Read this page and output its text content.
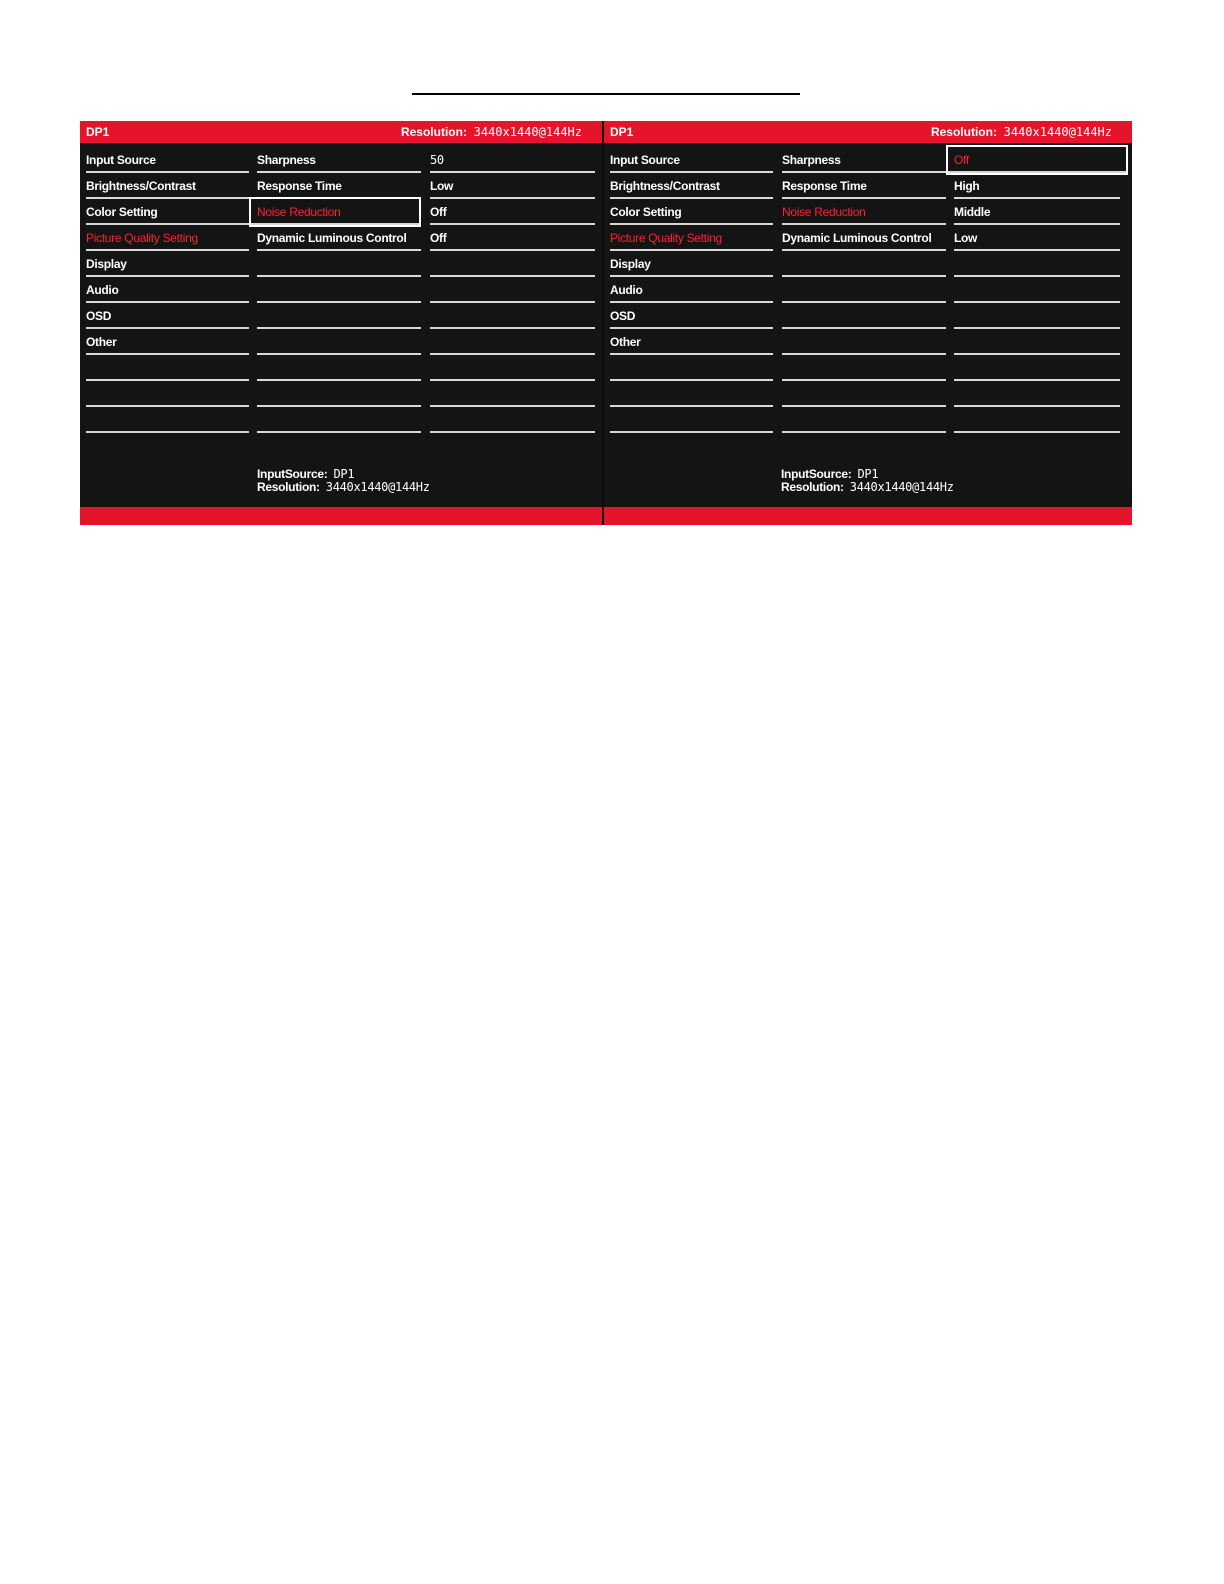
DP1	Resolution: 3440x1440@144Hz
Input Source
Brightness/Contrast
Color Setting
Picture Quality Setting
Display
Audio
OSD
Other
Sharpness
Response Time
Noise Reduction
Dynamic Luminous Control
50
Low
Off
Off
InputSource: DP1
Resolution: 3440x1440@144Hz
DP1	Resolution: 3440x1440@144Hz
Input Source
Brightness/Contrast
Color Setting
Picture Quality Setting
Display
Audio
OSD
Other
Sharpness
Response Time
Noise Reduction
Dynamic Luminous Control
Off
High
Middle
Low
InputSource: DP1
Resolution: 3440x1440@144Hz
